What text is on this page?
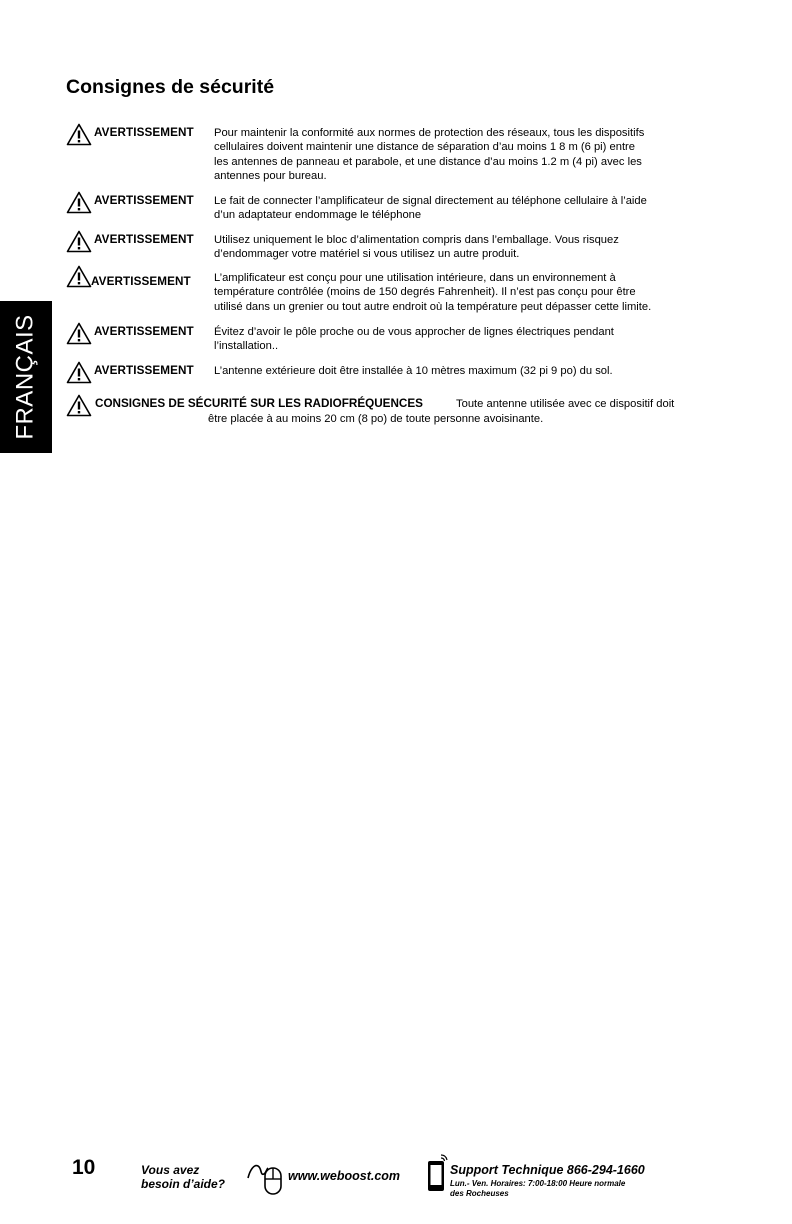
FRANÇAIS
Consignes de sécurité
AVERTISSEMENT Pour maintenir la conformité aux normes de protection des réseaux, tous les dispositifs
cellulaires doivent maintenir une distance de séparation d’au moins 1 8 m (6 pi) entre
les antennes de panneau et parabole, et une distance d’au moins 1.2 m (4 pi) avec les
antennes pour bureau.
AVERTISSEMENT Le fait de connecter l’amplificateur de signal directement au téléphone cellulaire à l’aide
d’un adaptateur endommage le téléphone
AVERTISSEMENT Utilisez uniquement le bloc d’alimentation compris dans l’emballage. Vous risquez
d’endommager votre matériel si vous utilisez un autre produit.
AVERTISSEMENT L’amplificateur est conçu pour une utilisation intérieure, dans un environnement à
température contrôlée (moins de 150 degrés Fahrenheit). Il n’est pas conçu pour être
utilisé dans un grenier ou tout autre endroit où la température peut dépasser cette limite.
AVERTISSEMENT Évitez d’avoir le pôle proche ou de vous approcher de lignes électriques pendant
l’installation..
AVERTISSEMENT L’antenne extérieure doit être installée à 10 mètres maximum (32 pi 9 po) du sol.
CONSIGNES DE SÉCURITÉ SUR LES RADIOFRÉQUENCES	Toute antenne utilisée avec ce dispositif doit
être placée à au moins 20 cm (8 po) de toute personne avoisinante.
10	Vous avez
besoin d’aide?
www.weboost.com	Support Technique 866-294-1660
Lun.- Ven. Horaires: 7:00-18:00 Heure normale
des Rocheuses
